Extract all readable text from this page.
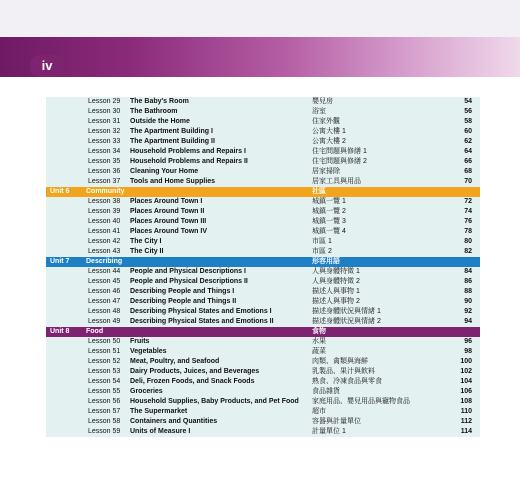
iv
Lesson 29 The Baby's Room	嬰兒房	54
Lesson 30 The Bathroom	浴室	56
Lesson 31 Outside the Home	住家外觀	58
Lesson 32 The Apartment Building I	公寓大樓 1	60
Lesson 33 The Apartment Building II	公寓大樓 2	62
Lesson 34 Household Problems and Repairs I	住宅問題與修繕 1	64
Lesson 35 Household Problems and Repairs II	住宅問題與修繕 2	66
Lesson 36 Cleaning Your Home	居家掃除	68
Lesson 37 Tools and Home Supplies	居家工具與用品	70
Unit 6 Community	社區
Lesson 38 Places Around Town I	城鎮一覽 1	72
Lesson 39 Places Around Town II	城鎮一覽 2	74
Lesson 40 Places Around Town III	城鎮一覽 3	76
Lesson 41 Places Around Town IV	城鎮一覽 4	78
Lesson 42 The City I	市區 1	80
Lesson 43 The City II	市區 2	82
Unit 7 Describing	形容用語
Lesson 44 People and Physical Descriptions I	人與身體特徵 1	84
Lesson 45 People and Physical Descriptions II	人與身體特徵 2	86
Lesson 46 Describing People and Things I	描述人與事物 1	88
Lesson 47 Describing People and Things II	描述人與事物 2	90
Lesson 48 Describing Physical States and Emotions I	描述身體狀況與情緒 1	92
Lesson 49 Describing Physical States and Emotions II	描述身體狀況與情緒 2	94
Unit 8 Food	食物
Lesson 50 Fruits	水果	96
Lesson 51 Vegetables	蔬菜	98
Lesson 52 Meat, Poultry, and Seafood	肉類、禽類與海鮮	100
Lesson 53 Dairy Products, Juices, and Beverages	乳製品、果汁與飲料	102
Lesson 54 Deli, Frozen Foods, and Snack Foods	熟食、冷凍食品與零食	104
Lesson 55 Groceries	食品雜貨	106
Lesson 56 Household Supplies, Baby Products, and Pet Food 家庭用品、嬰兒用品與寵物食品	108
Lesson 57 The Supermarket	超市	110
Lesson 58 Containers and Quantities	容器與計量單位	112
Lesson 59 Units of Measure I	計量單位 1	114
